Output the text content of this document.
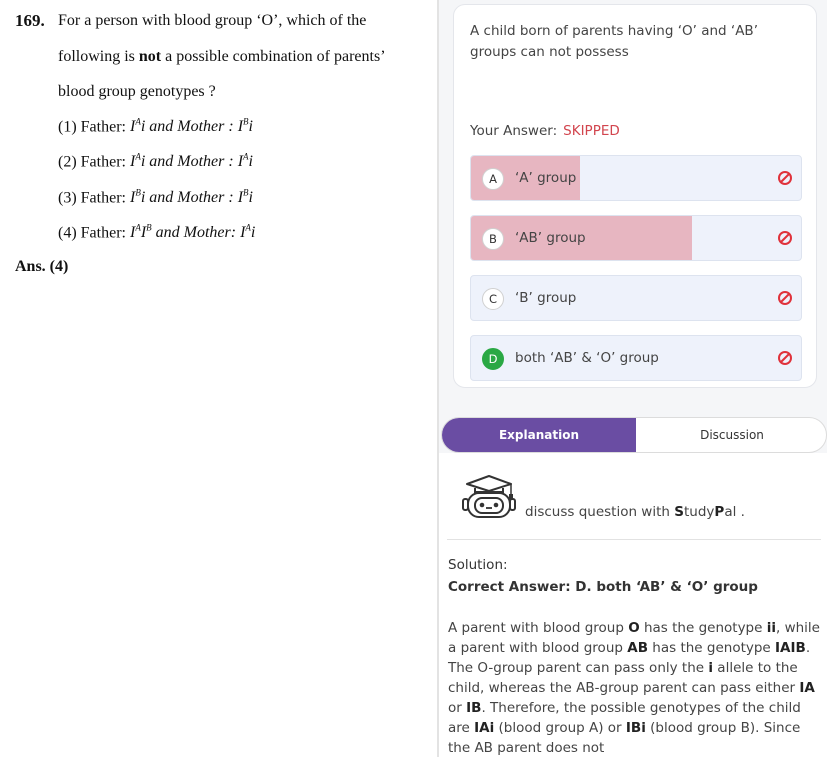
169. For a person with blood group ‘O’, which of the
following is not a possible combination of parents’
blood group genotypes ?
(1) Father: $I^Ai$ and Mother : $I^Bi$
(2) Father: $I^Ai$ and Mother : $I^Ai$
(3) Father: $I^Bi$ and Mother : $I^Bi$
(4) Father: $I^AI^B$ and Mother: $I^Ai$
Ans. (4)
A child born of parents having ‘O’ and ‘AB’ groups can not possess
Your Answer: SKIPPED
A	‘A’ group
B	‘AB’ group
C	‘B’ group
D	both ‘AB’ & ‘O’ group
Explanation	Discussion
discuss question with StudyPal .
Solution:
Correct Answer: D. both ‘AB’ & ‘O’ group
A parent with blood group O has the genotype ii, while a parent with blood group AB has the genotype IAIB. The O-group parent can pass only the i allele to the child, whereas the AB-group parent can pass either IA or IB. Therefore, the possible genotypes of the child are IAi (blood group A) or IBi (blood group B). Since the AB parent does not
